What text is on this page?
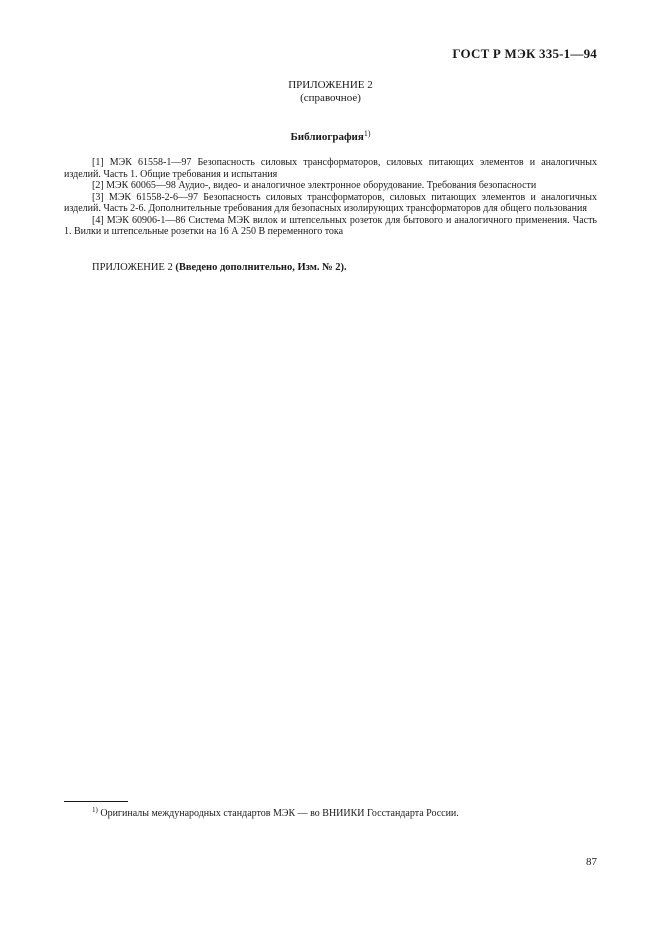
ГОСТ Р МЭК 335-1—94
ПРИЛОЖЕНИЕ 2
(справочное)
Библиография$^{1)}$

[1] МЭК 61558-1—97 Безопасность силовых трансформаторов, силовых питающих элементов и аналогичных изделий. Часть 1. Общие требования и испытания

[2] МЭК 60065—98 Аудио-, видео- и аналогичное электронное оборудование. Требования безопасности

[3] МЭК 61558-2-6—97 Безопасность силовых трансформаторов, силовых питающих элементов и аналогичных изделий. Часть 2-6. Дополнительные требования для безопасных изолирующих трансформаторов для общего пользования

[4] МЭК 60906-1—86 Система МЭК вилок и штепсельных розеток для бытового и аналогичного применения. Часть 1. Вилки и штепсельные розетки на 16 А 250 В переменного тока

ПРИЛОЖЕНИЕ 2 (Введено дополнительно, Изм. № 2).
$^{1)}$ Оригиналы международных стандартов МЭК — во ВНИИКИ Госстандарта России.
87
